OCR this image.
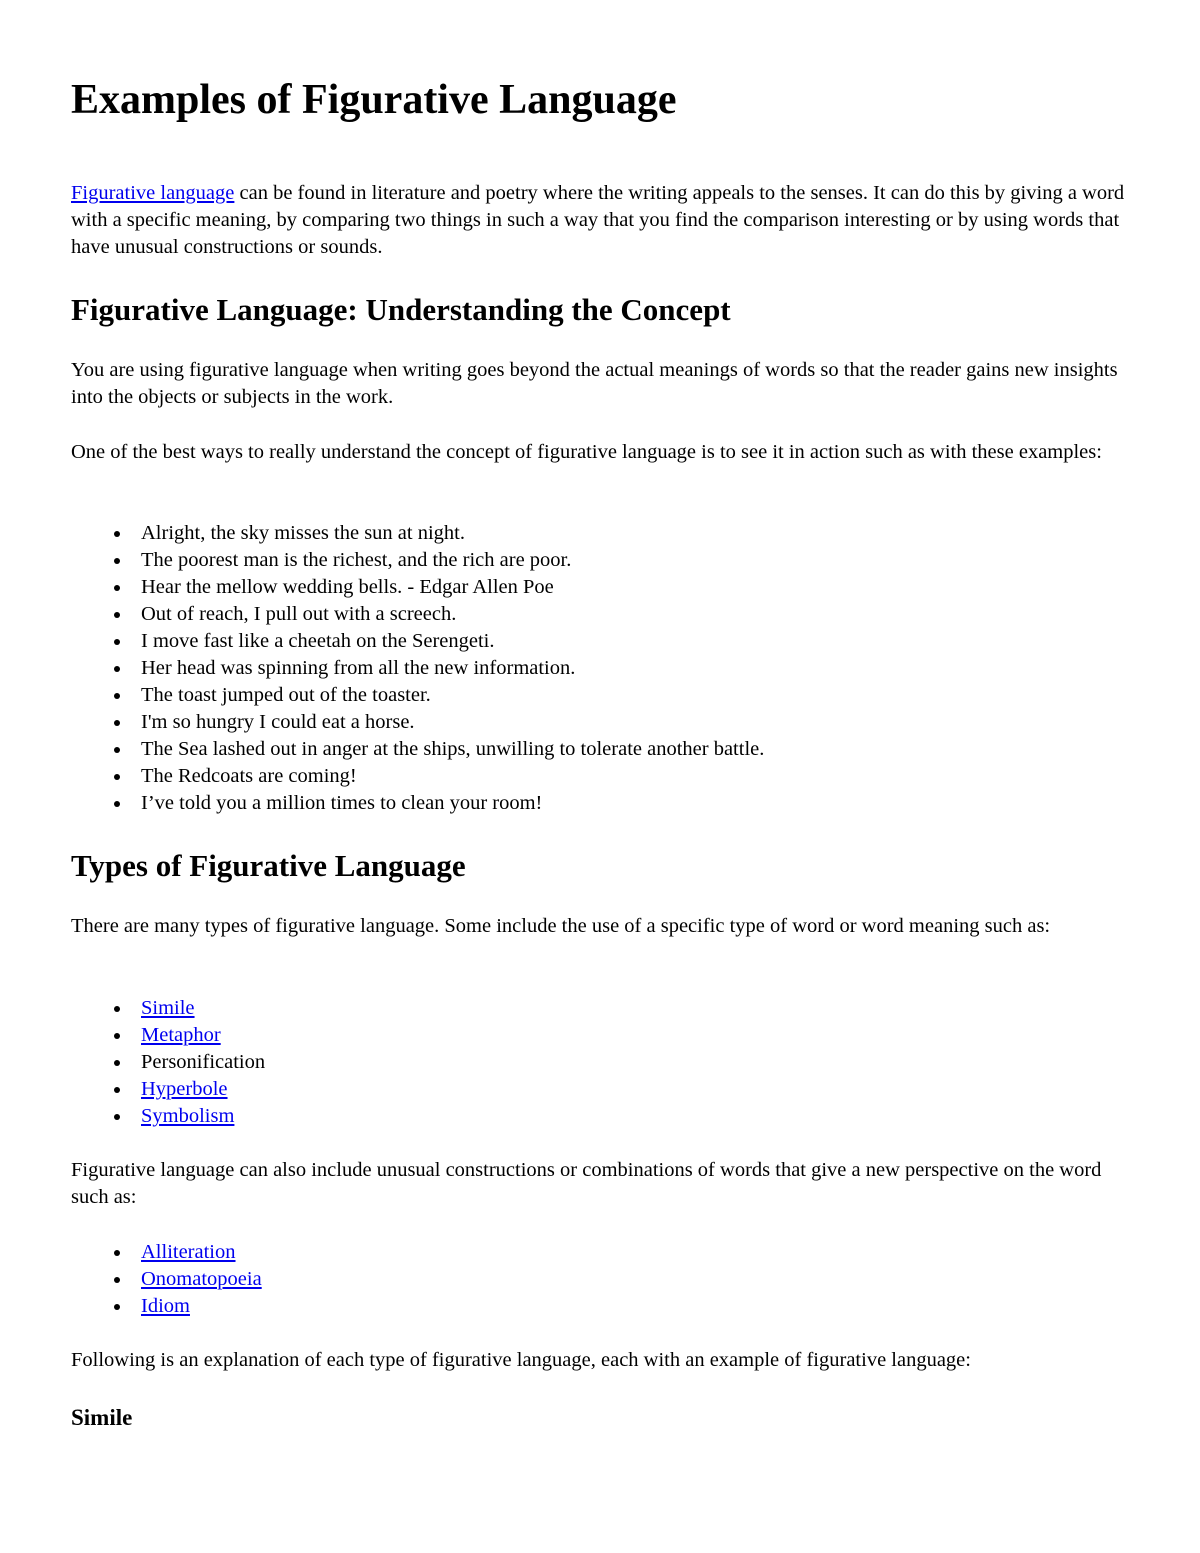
Examples of Figurative Language

Figurative language can be found in literature and poetry where the writing appeals to the senses. It can do this by giving a word with a specific meaning, by comparing two things in such a way that you find the comparison interesting or by using words that have unusual constructions or sounds.

Figurative Language: Understanding the Concept

You are using figurative language when writing goes beyond the actual meanings of words so that the reader gains new insights into the objects or subjects in the work.

One of the best ways to really understand the concept of figurative language is to see it in action such as with these examples:

Alright, the sky misses the sun at night.
The poorest man is the richest, and the rich are poor.
Hear the mellow wedding bells. - Edgar Allen Poe
Out of reach, I pull out with a screech.
I move fast like a cheetah on the Serengeti.
Her head was spinning from all the new information.
The toast jumped out of the toaster.
I'm so hungry I could eat a horse.
The Sea lashed out in anger at the ships, unwilling to tolerate another battle.
The Redcoats are coming!
I’ve told you a million times to clean your room!
Types of Figurative Language

There are many types of figurative language. Some include the use of a specific type of word or word meaning such as:

Simile
Metaphor
Personification
Hyperbole
Symbolism

Figurative language can also include unusual constructions or combinations of words that give a new perspective on the word such as:

Alliteration
Onomatopoeia
Idiom

Following is an explanation of each type of figurative language, each with an example of figurative language:

Simile
